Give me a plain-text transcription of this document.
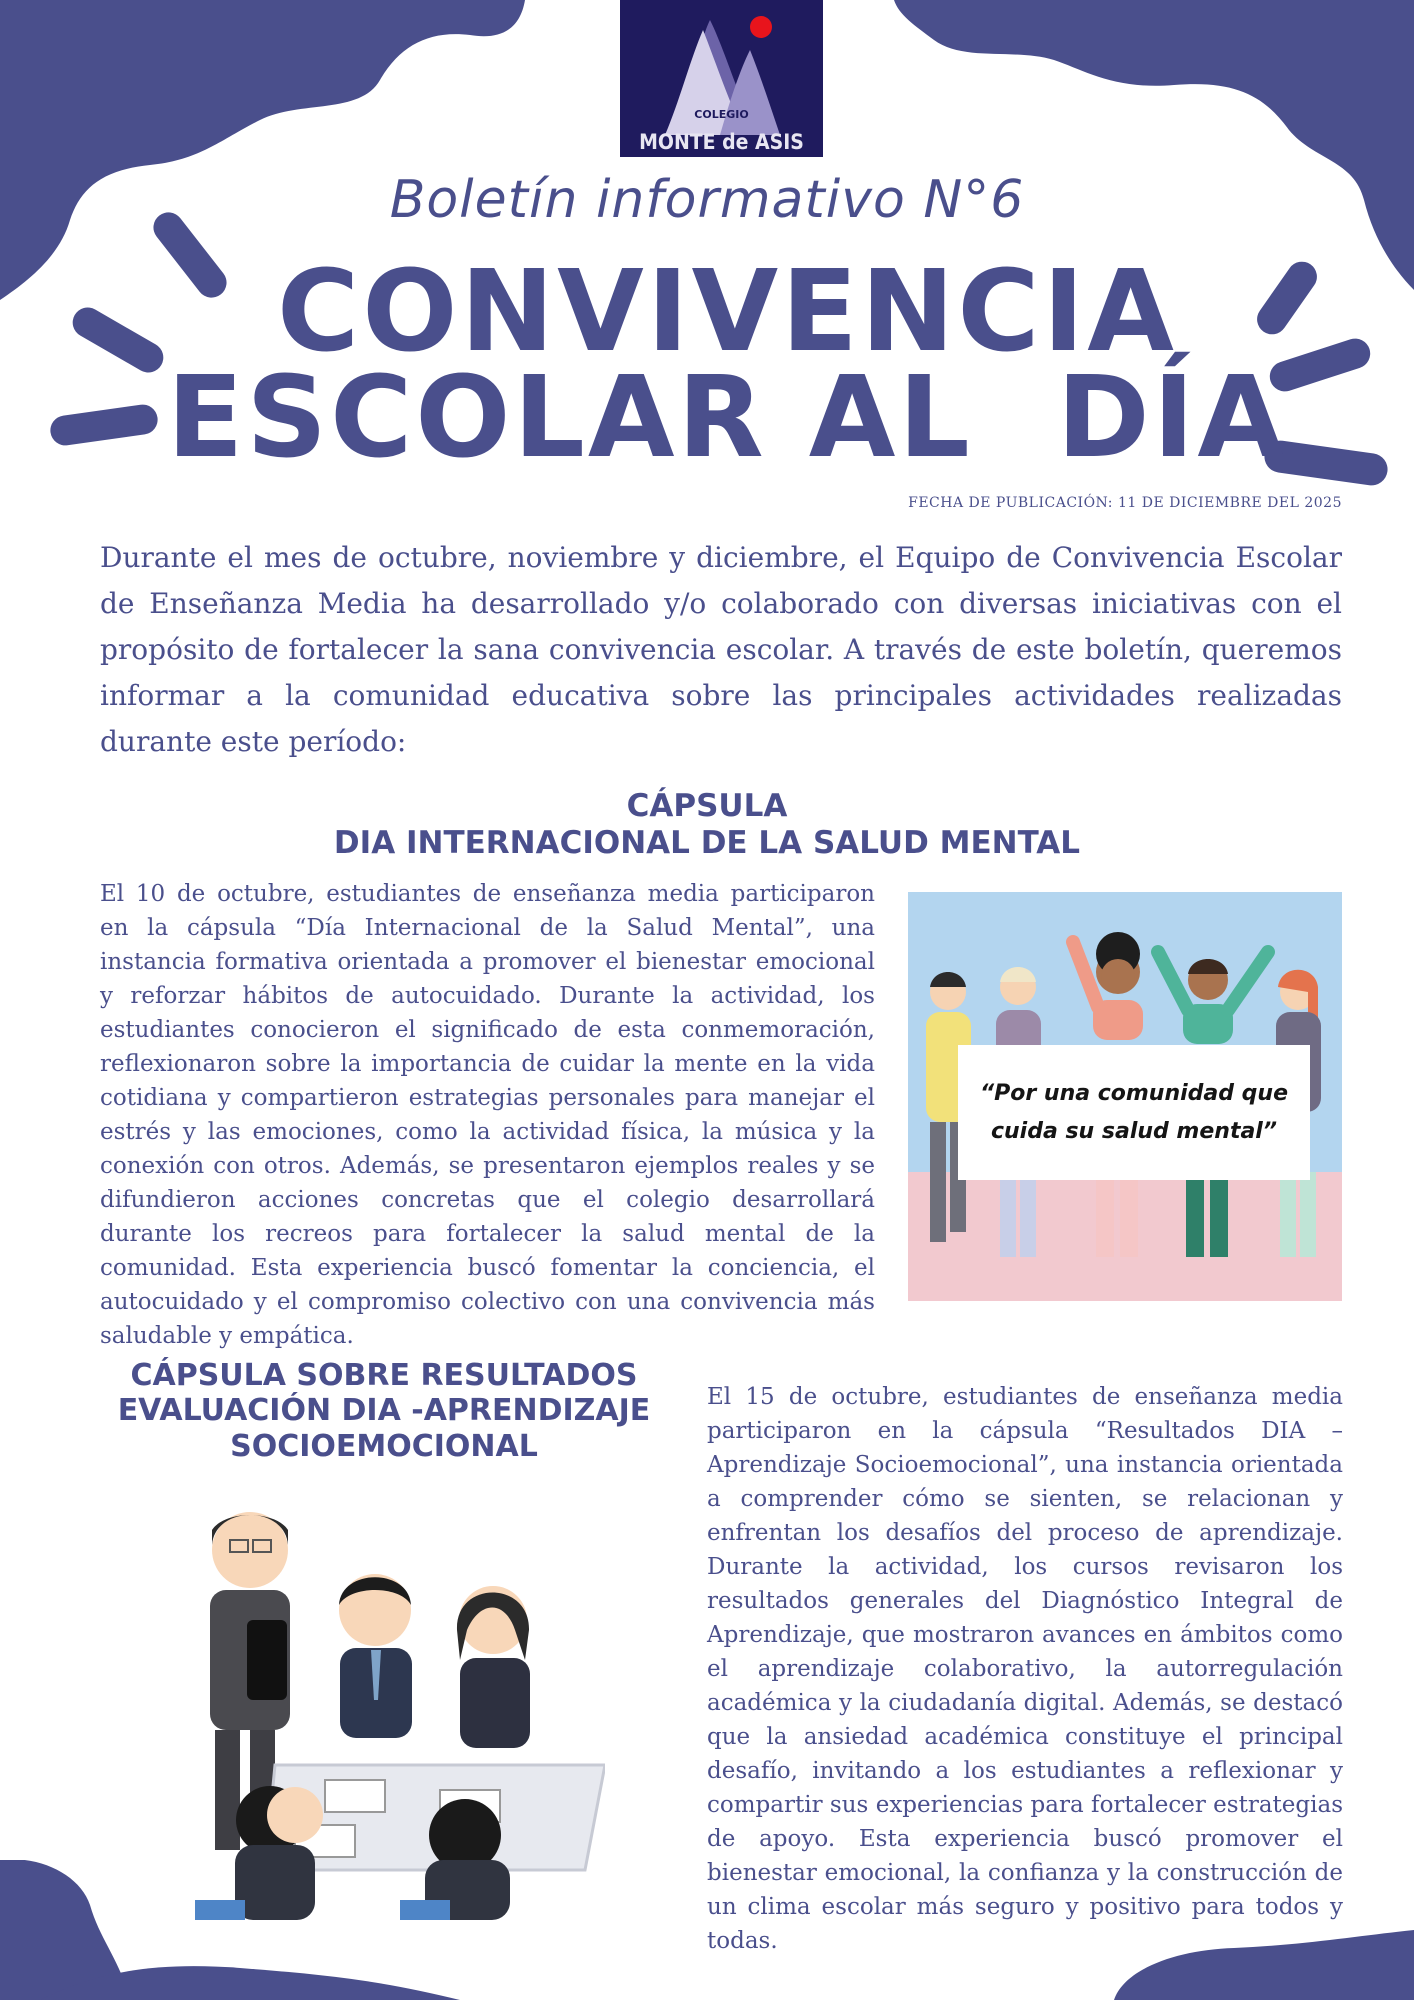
COLEGIO
MONTE de ASIS
Boletín informativo N°6
CONVIVENCIA
ESCOLAR AL  DÍA
FECHA DE PUBLICACIÓN: 11 DE DICIEMBRE DEL 2025

Durante el mes de octubre, noviembre y diciembre, el Equipo de Convivencia Escolar de Enseñanza Media ha desarrollado y/o colaborado con diversas iniciativas con el propósito de fortalecer la sana convivencia escolar. A través de este boletín, queremos informar a la comunidad educativa sobre las principales actividades realizadas durante este período:

CÁPSULA
DIA INTERNACIONAL DE LA SALUD MENTAL

El 10 de octubre, estudiantes de enseñanza media participaron en la cápsula “Día Internacional de la Salud Mental”, una instancia formativa orientada a promover el bienestar emocional y reforzar hábitos de autocuidado. Durante la actividad, los estudiantes conocieron el significado de esta conmemoración, reflexionaron sobre la importancia de cuidar la mente en la vida cotidiana y compartieron estrategias personales para manejar el estrés y las emociones, como la actividad física, la música y la conexión con otros. Además, se presentaron ejemplos reales y se difundieron acciones concretas que el colegio desarrollará durante los recreos para fortalecer la salud mental de la comunidad. Esta experiencia buscó fomentar la conciencia, el autocuidado y el compromiso colectivo con una convivencia más saludable y empática.

“Por una comunidad que cuida su salud mental”
CÁPSULA SOBRE RESULTADOS
EVALUACIÓN DIA -APRENDIZAJE
SOCIOEMOCIONAL

El 15 de octubre, estudiantes de enseñanza media participaron en la cápsula “Resultados DIA – Aprendizaje Socioemocional”, una instancia orientada a comprender cómo se sienten, se relacionan y enfrentan los desafíos del proceso de aprendizaje. Durante la actividad, los cursos revisaron los resultados generales del Diagnóstico Integral de Aprendizaje, que mostraron avances en ámbitos como el aprendizaje colaborativo, la autorregulación académica y la ciudadanía digital. Además, se destacó que la ansiedad académica constituye el principal desafío, invitando a los estudiantes a reflexionar y compartir sus experiencias para fortalecer estrategias de apoyo. Esta experiencia buscó promover el bienestar emocional, la confianza y la construcción de un clima escolar más seguro y positivo para todos y todas.
